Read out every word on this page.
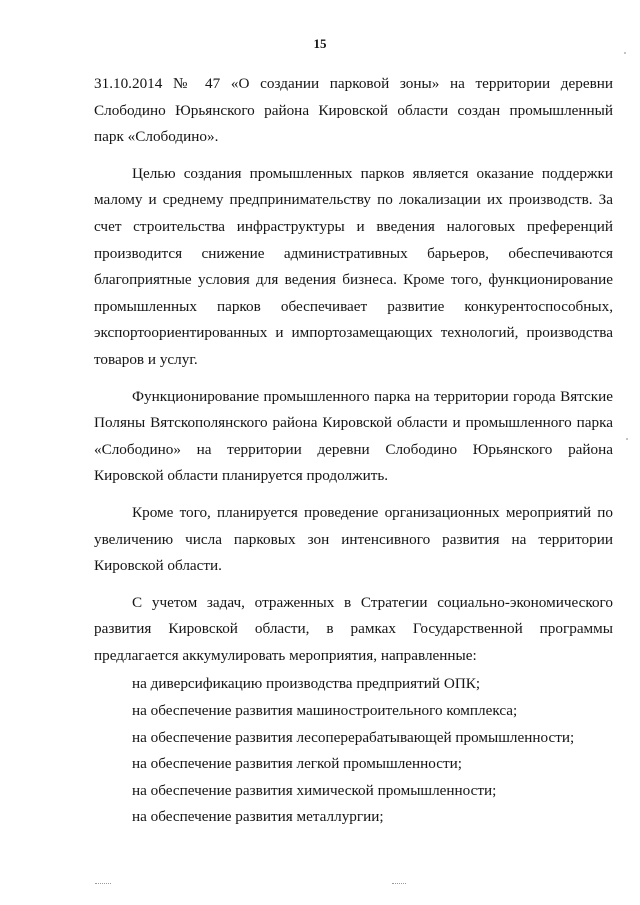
15

31.10.2014 № 47 «О создании парковой зоны» на территории деревни Слободино Юрьянского района Кировской области создан промышленный парк «Слободино».

Целью создания промышленных парков является оказание поддержки малому и среднему предпринимательству по локализации их производств. За счет строительства инфраструктуры и введения налоговых преференций производится снижение административных барьеров, обеспечиваются благоприятные условия для ведения бизнеса. Кроме того, функционирование промышленных парков обеспечивает развитие конкурентоспособных, экспортоориентированных и импортозамещающих технологий, производства товаров и услуг.

Функционирование промышленного парка на территории города Вятские Поляны Вятскополянского района Кировской области и промышленного парка «Слободино» на территории деревни Слободино Юрьянского района Кировской области планируется продолжить.

Кроме того, планируется проведение организационных мероприятий по увеличению числа парковых зон интенсивного развития на территории Кировской области.

С учетом задач, отраженных в Стратегии социально-экономического развития Кировской области, в рамках Государственной программы предлагается аккумулировать мероприятия, направленные:

на диверсификацию производства предприятий ОПК;

на обеспечение развития машиностроительного комплекса;

на обеспечение развития лесоперерабатывающей промышленности;

на обеспечение развития легкой промышленности;

на обеспечение развития химической промышленности;

на обеспечение развития металлургии;
